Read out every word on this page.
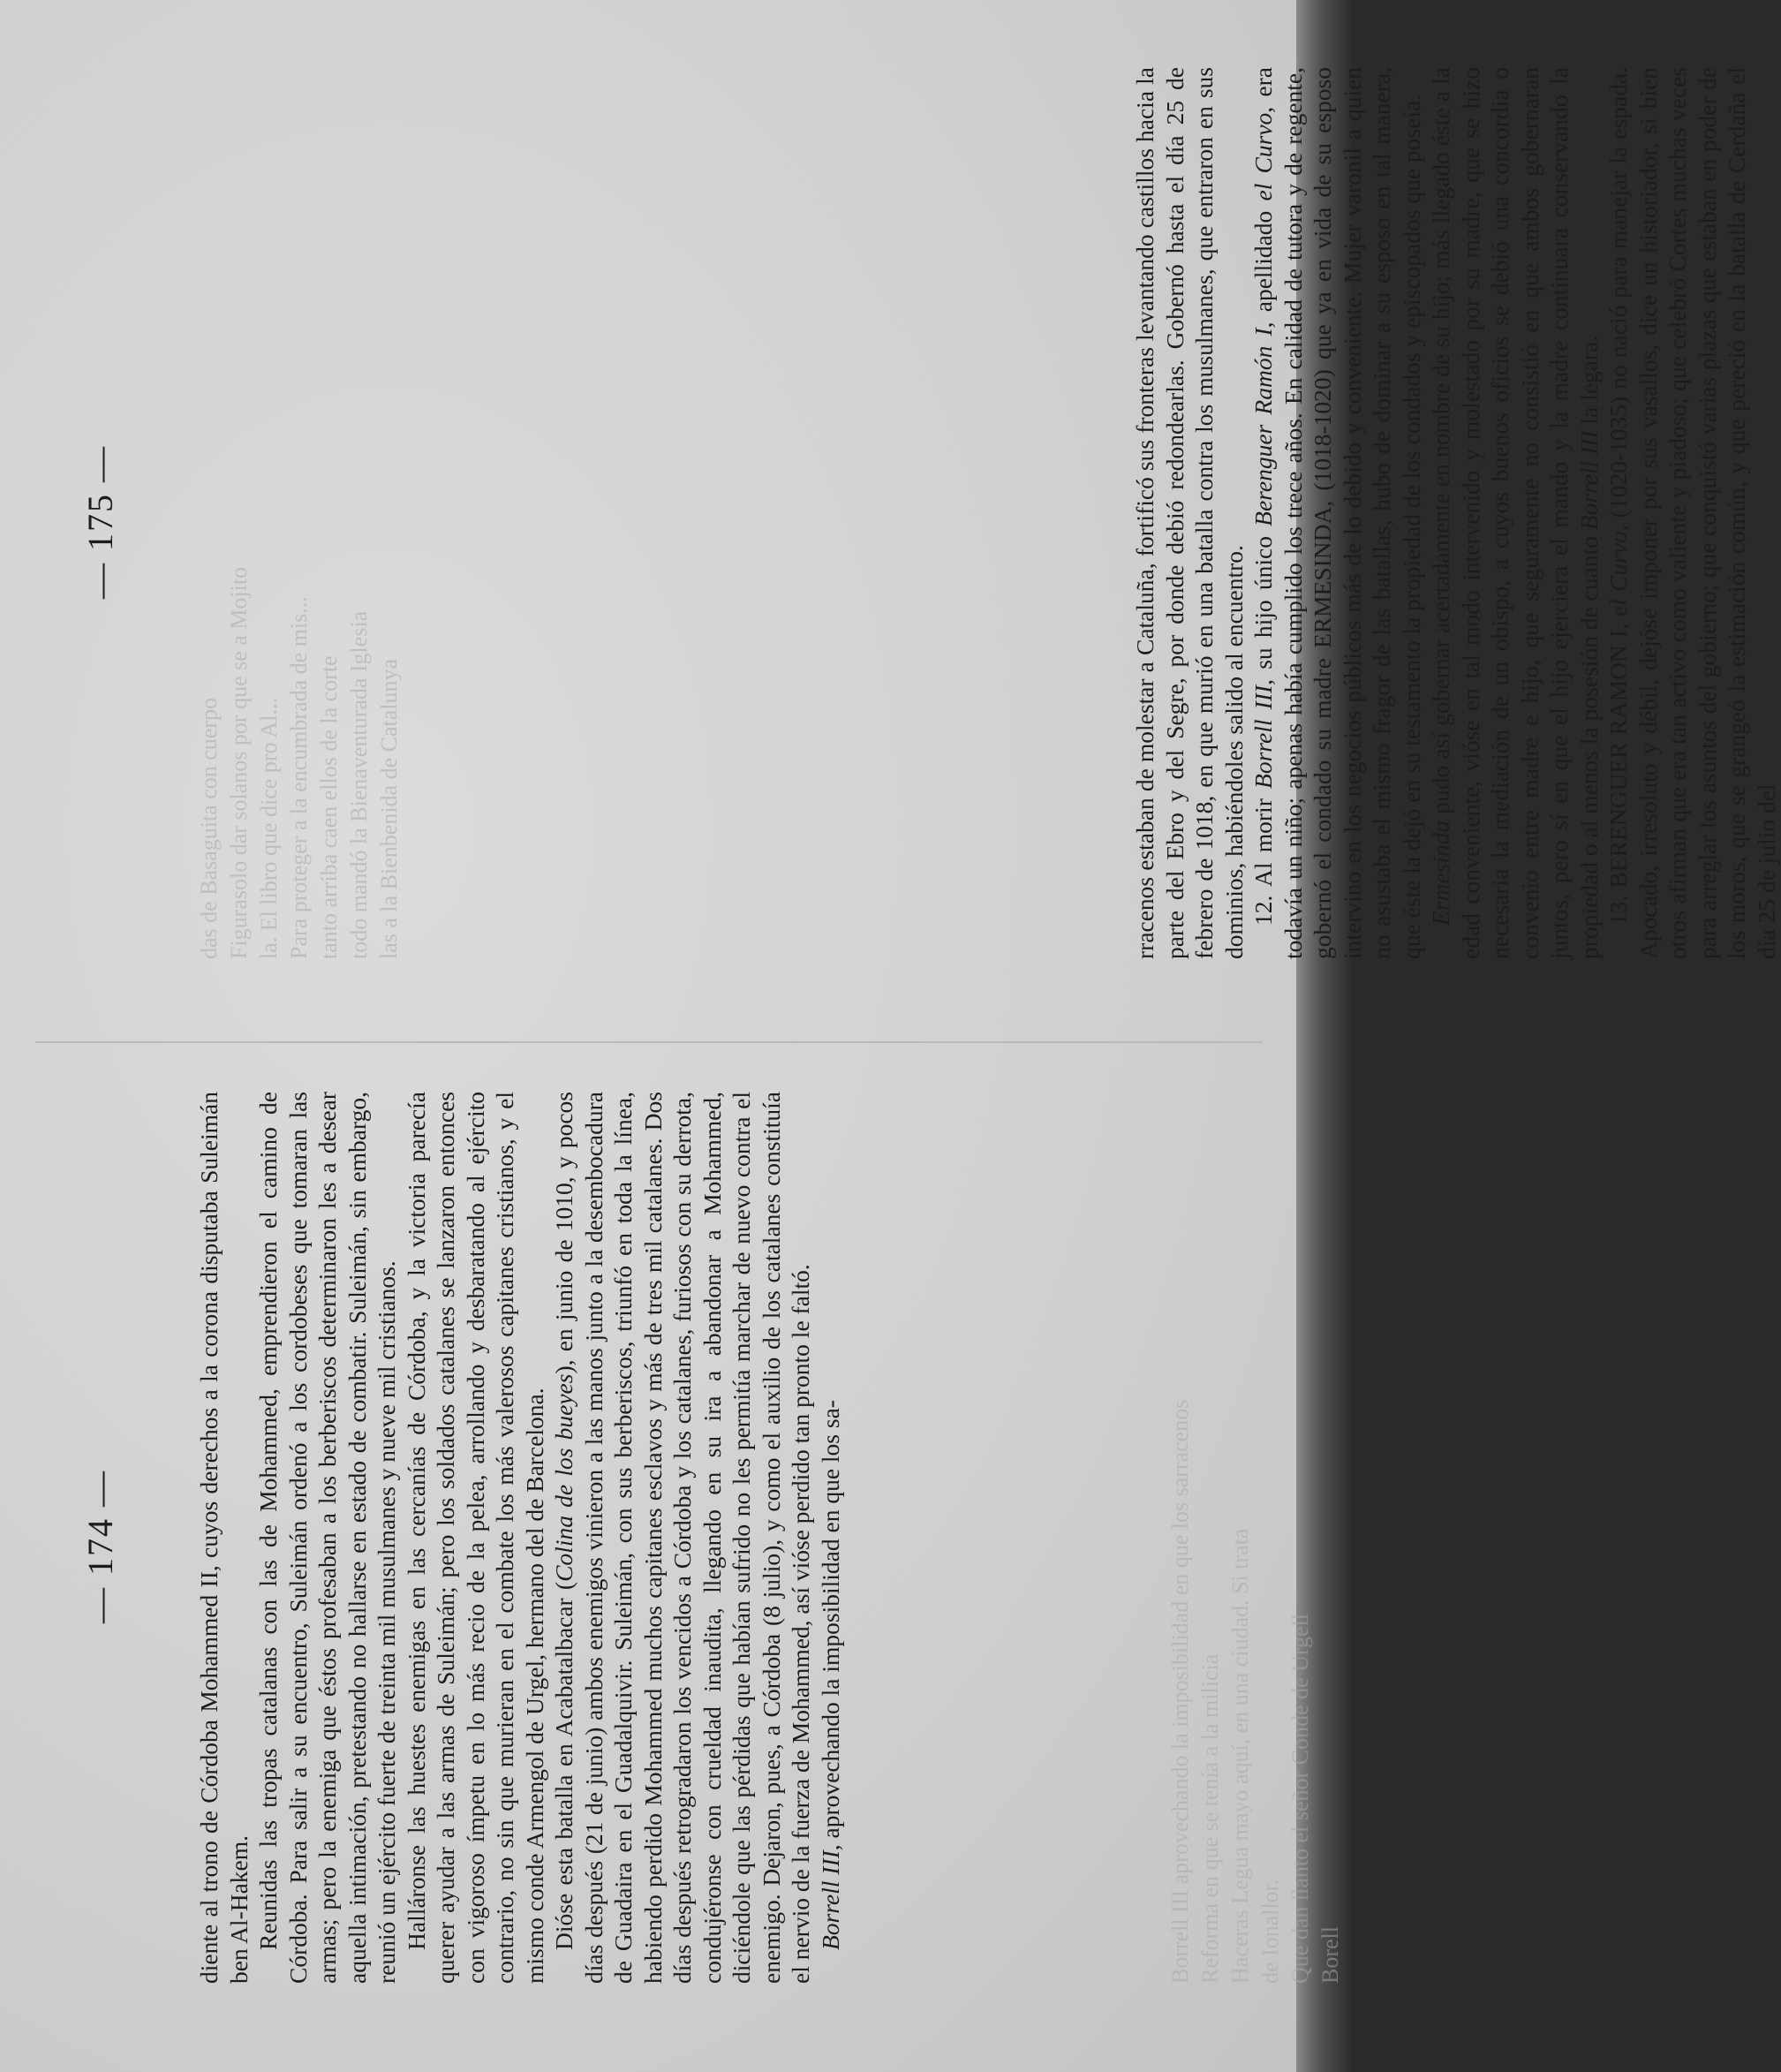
— 174 —	diente al trono de Córdoba Mohammed II, cuyos derechos a la corona disputaba Suleimán ben Al-Hakem. Reunidas las tropas catalanas con las de Mohammed, emprendieron el camino de Córdoba. Para salir a su encuentro, Suleimán ordenó a los cordobeses que tomaran las armas; pero la enemiga que éstos profesaban a los berberiscos determinaron les a desear aquella intimación, pretestando no hallarse en estado de combatir. Suleimán, sin embargo, reunió un ejército fuerte de treinta mil musulmanes y nueve mil cristianos. Halláronse las huestes enemigas en las cercanías de Córdoba, y la victoria parecía querer ayudar a las armas de Suleimán; pero los soldados catalanes se lanzaron entonces con vigoroso ímpetu en lo más recio de la pelea, arrollando y desbaratando al ejército contrario, no sin que murieran en el combate los más valerosos capitanes cristianos, y el mismo conde Armengol de Urgel, hermano del de Barcelona. Dióse esta batalla en Acabatalbacar (Colina de los bueyes), en junio de 1010, y pocos días después (21 de junio) ambos enemigos vinieron a las manos junto a la desembocadura de Guadaira en el Guadalquivir. Suleimán, con sus berberiscos, triunfó en toda la línea, habiendo perdido Mohammed muchos capitanes esclavos y más de tres mil catalanes. Dos días después retrogradaron los vencidos a Córdoba y los catalanes, furiosos con su derrota, condujéronse con crueldad inaudita, llegando en su ira a abandonar a Mohammed, diciéndole que las pérdidas que habían sufrido no les permitía marchar de nuevo contra el enemigo. Dejaron, pues, a Córdoba (8 julio), y como el auxilio de los catalanes constituía el nervio de la fuerza de Mohammed, así vióse perdido tan pronto le faltó. Borrell III, aprovechando la imposibilidad en que los sa-	Borrell III aprovechando la imposibilidad en que los sarracenos Reforma en que se tenía a la milicia Haceras Legua mayo aquí, en una ciudad. Si trata de Ionallor. Que dan llanto el señor Conde de Urgell Borell
— 175 —
das de Basaguita con cuerpo Figurasolo dar solanos por que se a Mojito la. El libro que dice pro Al... Para proteger a la encumbrada de mis... tanto arriba caen ellos de la corte todo mandó la Bienaventurada Iglesia las a la Bienbenida de Catalunya	rracenos estaban de molestar a Cataluña, fortificó sus fronteras levantando castillos hacia la parte del Ebro y del Segre, por donde debió redondearlas. Gobernó hasta el día 25 de febrero de 1018, en que murió en una batalla contra los musulmanes, que entraron en sus dominios, habiéndoles salido al encuentro. 12. Al morir Borrell III, su hijo único Berenguer Ramón I, apellidado el Curvo, era todavía un niño; apenas había cumplido los trece años. En calidad de tutora y de regente, gobernó el condado su madre ERMESINDA, (1018-1020) que ya en vida de su esposo intervino en los negocios públicos más de lo debido y conveniente. Mujer varonil a quien no asustaba el mismo fragor de las batallas, hubo de dominar a su esposo en tal manera, que éste la dejó en su testamento la propiedad de los condados y episcopados que poseía. Ermesinda pudo así gobernar acertadamente en nombre de su hijo; más llegado éste a la edad conveniente, vióse en tal modo intervenido y molestado por su madre, que se hizo necesaria la mediación de un obispo, a cuyos buenos oficios se debió una concordia o convenio entre madre e hijo, que seguramente no consistió en que ambos gobernaran juntos, pero sí en que el hijo ejerciera el mando y la madre continuara conservando la propiedad o al menos la posesión de cuanto Borrell III la legara.

13. BERENGUER RAMON I, el Curvo, (1020-1035) no nació para manejar la espada. Apocado, irresoluto y débil, dejóse imponer por sus vasallos, dice un historiador, si bien otros afirman que era tan activo como valiente y piadoso; que celebró Cortes muchas veces para arreglar los asuntos del gobierno; que conquistó varias plazas que estaban en poder de los moros, que se grangeó la estimación común, y que pereció en la batalla de Cerdaña el día 25 de julio del
